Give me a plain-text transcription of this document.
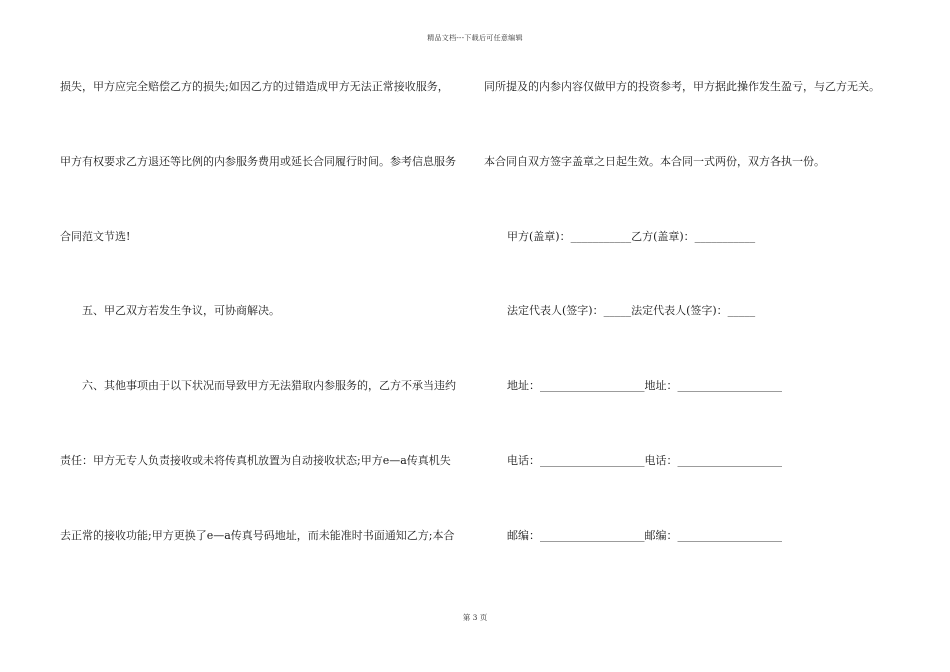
精品文档---下载后可任意编辑
损失，甲方应完全赔偿乙方的损失;如因乙方的过错造成甲方无法正常接收服务，
甲方有权要求乙方退还等比例的内参服务费用或延长合同履行时间。参考信息服务
合同范文节选!
　　五、甲乙双方若发生争议，可协商解决。
　　六、其他事项由于以下状况而导致甲方无法猎取内参服务的，乙方不承当违约
责任：甲方无专人负责接收或未将传真机放置为自动接收状态;甲方e—a传真机失
去正常的接收功能;甲方更换了e—a传真号码地址，而未能准时书面通知乙方;本合
同所提及的内参内容仅做甲方的投资参考，甲方据此操作发生盈亏，与乙方无关。
本合同自双方签字盖章之日起生效。本合同一式两份，双方各执一份。
甲方(盖章)：___________乙方(盖章)：___________
法定代表人(签字)：_____法定代表人(签字)：_____
地址：___________________地址：___________________
电话：___________________电话：___________________
邮编：___________________邮编：___________________
第 3 页
